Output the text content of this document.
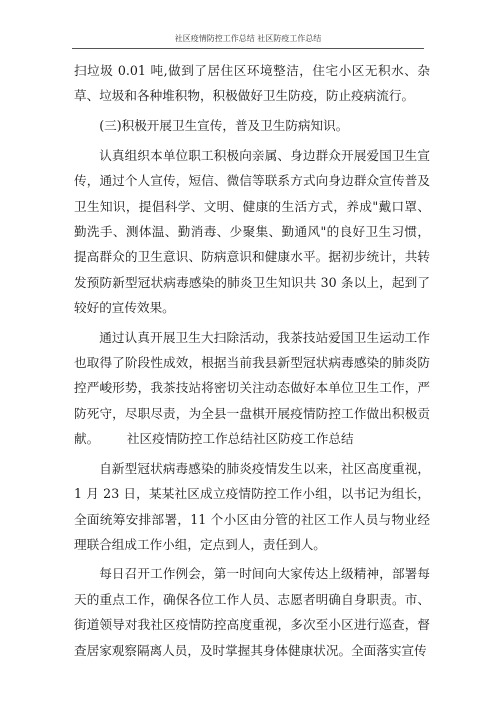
社区疫情防控工作总结 社区防疫工作总结

扫垃圾 0.01 吨,做到了居住区环境整洁，住宅小区无积水、杂草、垃圾和各种堆积物，积极做好卫生防疫，防止疫病流行。

(三)积极开展卫生宣传，普及卫生防病知识。

认真组织本单位职工积极向亲属、身边群众开展爱国卫生宣传，通过个人宣传，短信、微信等联系方式向身边群众宣传普及卫生知识，提倡科学、文明、健康的生活方式，养成"戴口罩、勤洗手、测体温、勤消毒、少聚集、勤通风"的良好卫生习惯，提高群众的卫生意识、防病意识和健康水平。据初步统计，共转发预防新型冠状病毒感染的肺炎卫生知识共 30 条以上，起到了较好的宣传效果。

通过认真开展卫生大扫除活动，我茶技站爱国卫生运动工作也取得了阶段性成效，根据当前我县新型冠状病毒感染的肺炎防控严峻形势，我茶技站将密切关注动态做好本单位卫生工作，严防死守，尽职尽责，为全县一盘棋开展疫情防控工作做出积极贡献。 社区疫情防控工作总结社区防疫工作总结

自新型冠状病毒感染的肺炎疫情发生以来，社区高度重视，1 月 23 日，某某社区成立疫情防控工作小组，以书记为组长，全面统筹安排部署，11 个小区由分管的社区工作人员与物业经理联合组成工作小组，定点到人，责任到人。

每日召开工作例会，第一时间向大家传达上级精神，部署每天的重点工作，确保各位工作人员、志愿者明确自身职责。市、街道领导对我社区疫情防控高度重视，多次至小区进行巡查，督查居家观察隔离人员，及时掌握其身体健康状况。全面落实宣传
